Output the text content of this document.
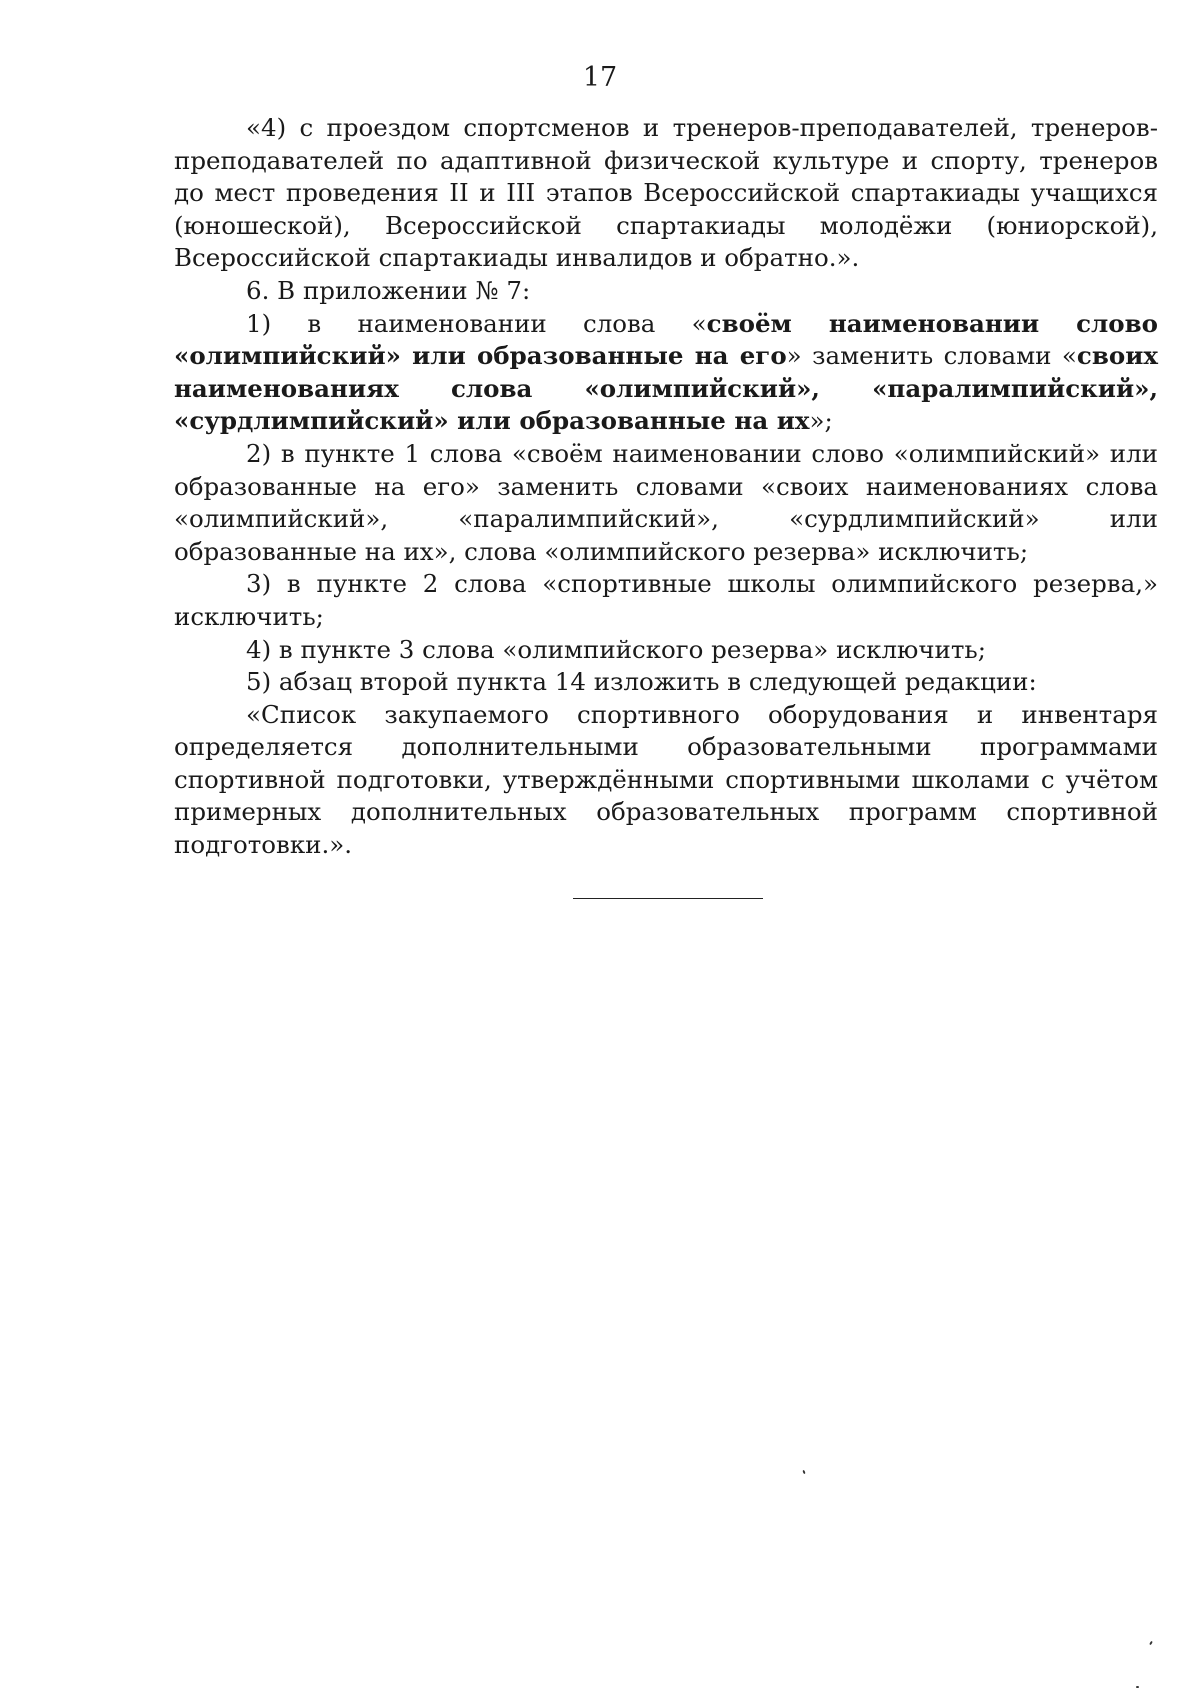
17

«4) с проездом спортсменов и тренеров-преподавателей, тренеров-преподавателей по адаптивной физической культуре и спорту, тренеров до мест проведения II и III этапов Всероссийской спартакиады учащихся (юношеской), Всероссийской спартакиады молодёжи (юниорской), Всероссийской спартакиады инвалидов и обратно.».

6. В приложении № 7:

1) в наименовании слова «своём наименовании слово «олимпийский» или образованные на его» заменить словами «своих наименованиях слова «олимпийский», «паралимпийский», «сурдлимпийский» или образованные на их»;

2) в пункте 1 слова «своём наименовании слово «олимпийский» или образованные на его» заменить словами «своих наименованиях слова «олимпийский», «паралимпийский», «сурдлимпийский» или образованные на их», слова «олимпийского резерва» исключить;

3) в пункте 2 слова «спортивные школы олимпийского резерва,» исключить;

4) в пункте 3 слова «олимпийского резерва» исключить;

5) абзац второй пункта 14 изложить в следующей редакции:

«Список закупаемого спортивного оборудования и инвентаря определяется дополнительными образовательными программами спортивной подготовки, утверждёнными спортивными школами с учётом примерных дополнительных образовательных программ спортивной подготовки.».
